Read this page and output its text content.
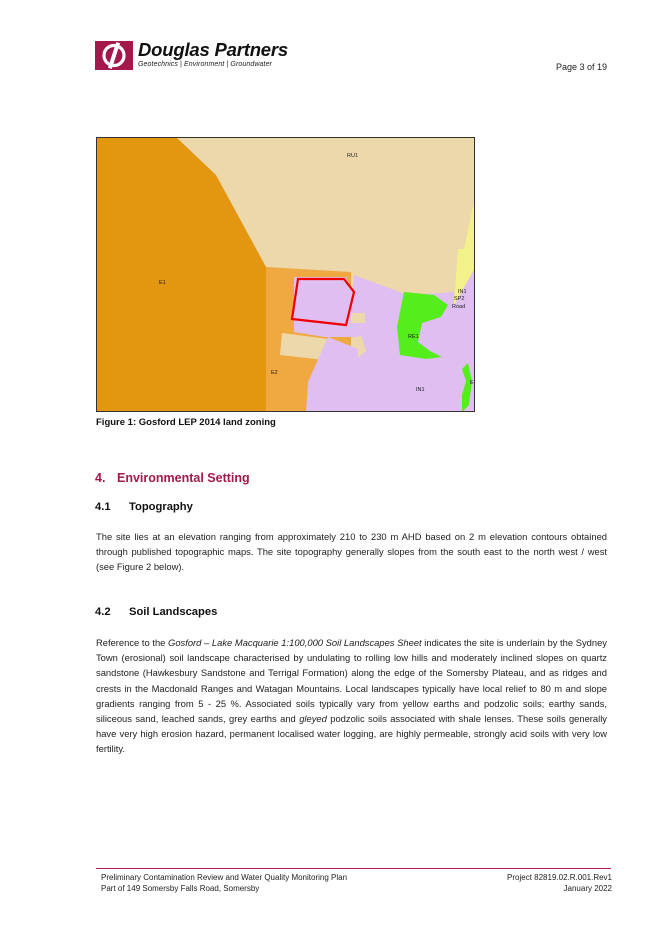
Douglas Partners
Geotechnics | Environment | Groundwater	Page 3 of 19
RU1
E1
E2
IN1
SP2
Road
RE1
IN1
E
Figure 1: Gosford LEP 2014 land zoning
4. Environmental Setting
4.1 Topography

The site lies at an elevation ranging from approximately 210 to 230 m AHD based on 2 m elevation contours obtained through published topographic maps. The site topography generally slopes from the south east to the north west / west (see Figure 2 below).

4.2 Soil Landscapes

Reference to the Gosford – Lake Macquarie 1:100,000 Soil Landscapes Sheet indicates the site is underlain by the Sydney Town (erosional) soil landscape characterised by undulating to rolling low hills and moderately inclined slopes on quartz sandstone (Hawkesbury Sandstone and Terrigal Formation) along the edge of the Somersby Plateau, and as ridges and crests in the Macdonald Ranges and Watagan Mountains. Local landscapes typically have local relief to 80 m and slope gradients ranging from 5 - 25 %. Associated soils typically vary from yellow earths and podzolic soils; earthy sands, siliceous sand, leached sands, grey earths and gleyed podzolic soils associated with shale lenses. These soils generally have very high erosion hazard, permanent localised water logging, are highly permeable, strongly acid soils with very low fertility.

Preliminary Contamination Review and Water Quality Monitoring Plan
Part of 149 Somersby Falls Road, Somersby
Project 82819.02.R.001.Rev1
January 2022
